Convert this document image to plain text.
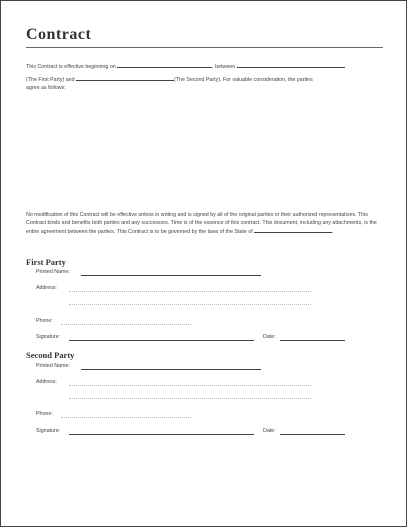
Contract
This Contract is effective beginning on	, between
(The First Party) and	(The Second Party). For valuable consideration, the parties
agree as follows:
No modification of this Contract will be effective unless in writing and is signed by all of the original parties or their authorized representatives. This Contract binds and benefits both parties and any successors. Time is of the essence of this contract. This document, including any attachments, is the entire agreement between the parties. This Contract is to be governed by the laws of the State of	.
First Party
Printed Name:
Address:
Phone:
Signature:	Date:
Second Party
Printed Name:
Address:
Phone:
Signature:	Date:
